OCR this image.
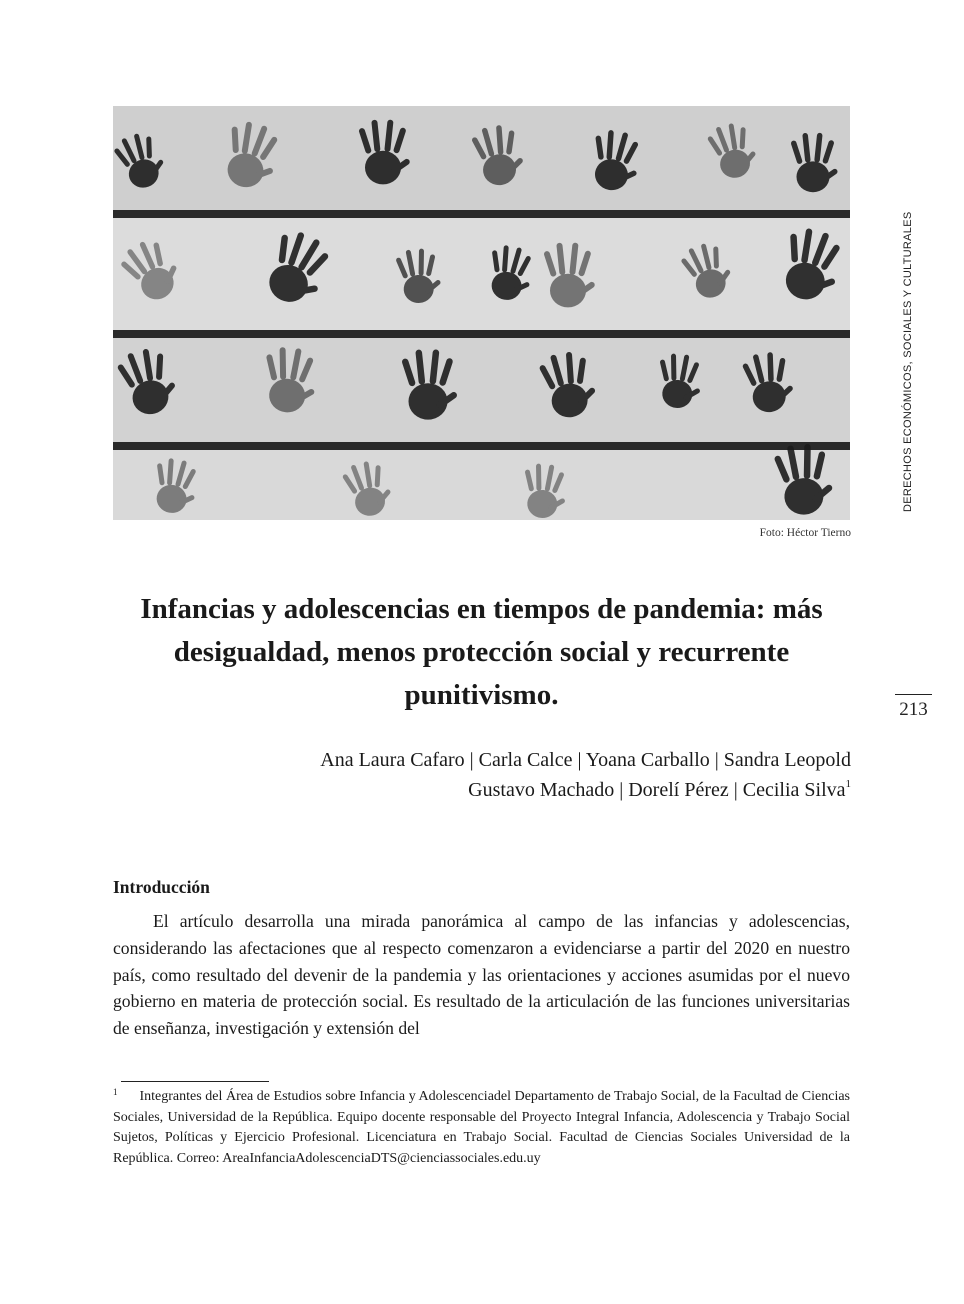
Foto: Héctor Tierno
DERECHOS ECONÓMICOS, SOCIALES Y CULTURALES
213
Infancias y adolescencias en tiempos de pandemia: más desigualdad, menos protección social y recurrente punitivismo.
Ana Laura Cafaro | Carla Calce | Yoana Carballo | Sandra Leopold
Gustavo Machado | Dorelí Pérez | Cecilia Silva$^1$
Introducción

El artículo desarrolla una mirada panorámica al campo de las infancias y adolescencias, considerando las afectaciones que al respecto comenzaron a evidenciarse a partir del 2020 en nuestro país, como resultado del devenir de la pandemia y las orientaciones y acciones asumidas por el nuevo gobierno en materia de protección social. Es resultado de la articulación de las funciones universitarias de enseñanza, investigación y extensión del

$^1$ Integrantes del Área de Estudios sobre Infancia y Adolescenciadel Departamento de Trabajo Social, de la Facultad de Ciencias Sociales, Universidad de la República. Equipo docente responsable del Proyecto Integral Infancia, Adolescencia y Trabajo Social Sujetos, Políticas y Ejercicio Profesional. Licenciatura en Trabajo Social. Facultad de Ciencias Sociales Universidad de la República. Correo: AreaInfanciaAdolescenciaDTS@cienciassociales.edu.uy
